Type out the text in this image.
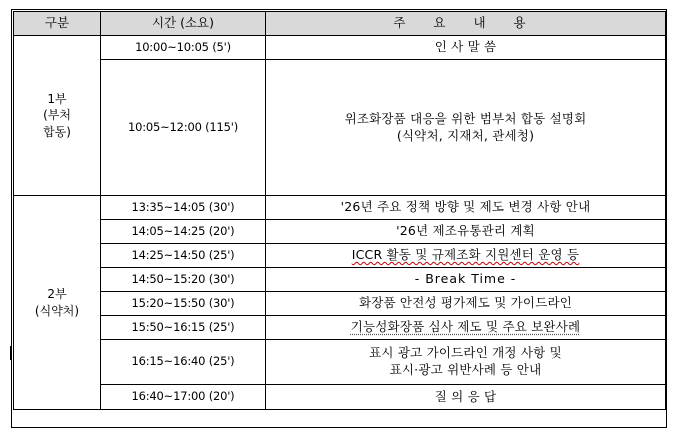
구분	시간 (소요)	주 요 내 용

1부
(부처
합동)	10:00~10:05 (5')	인 사 말 씀
	10:05~12:00 (115')	위조화장품 대응을 위한 범부처 합동 설명회
(식약처, 지재처, 관세청)

2부
(식약처)	13:35~14:05 (30')	'26년 주요 정책 방향 및 제도 변경 사항 안내
	14:05~14:25 (20')	'26년 제조유통관리 계획
	14:25~14:50 (25')	ICCR 활동 및 규제조화 지원센터 운영 등
	14:50~15:20 (30')	- Break Time -
	15:20~15:50 (30')	화장품 안전성 평가제도 및 가이드라인
	15:50~16:15 (25')	기능성화장품 심사 제도 및 주요 보완사례
	16:15~16:40 (25')	표시 광고 가이드라인 개정 사항 및
표시·광고 위반사례 등 안내

	16:40~17:00 (20')	질 의 응 답
